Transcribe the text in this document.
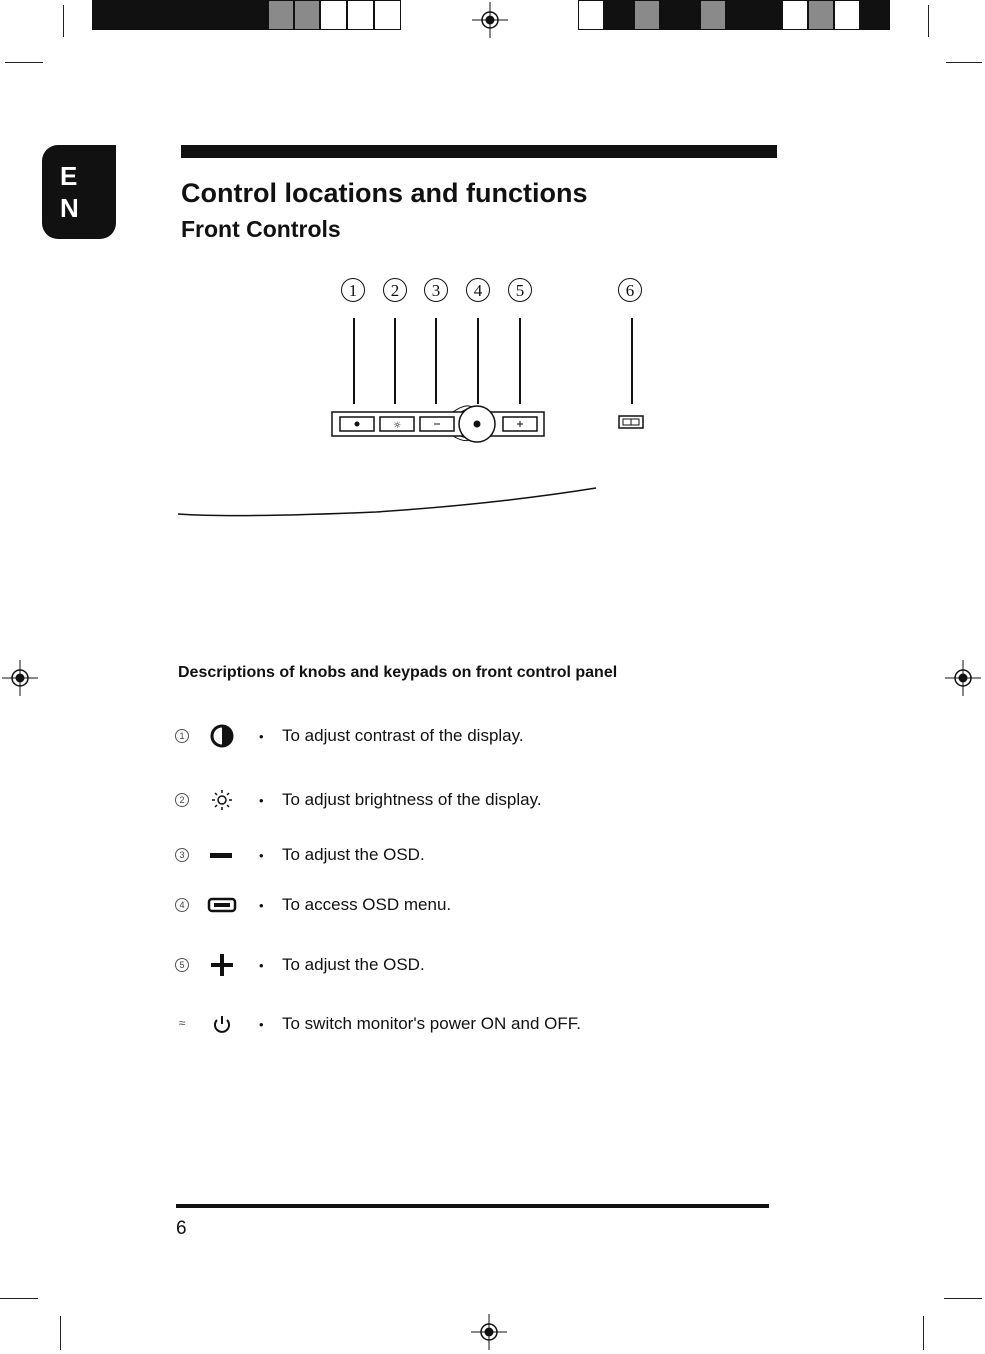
E
N	Control locations and functions
Front Controls
1	2	3	4	5	6
☼
Descriptions of knobs and keypads on front control panel
1	• To adjust contrast of the display.
2	• To adjust brightness of the display.
3	• To adjust the OSD.
4	• To access OSD menu.
5	• To adjust the OSD.
≈	• To switch monitor's power ON and OFF.
6
